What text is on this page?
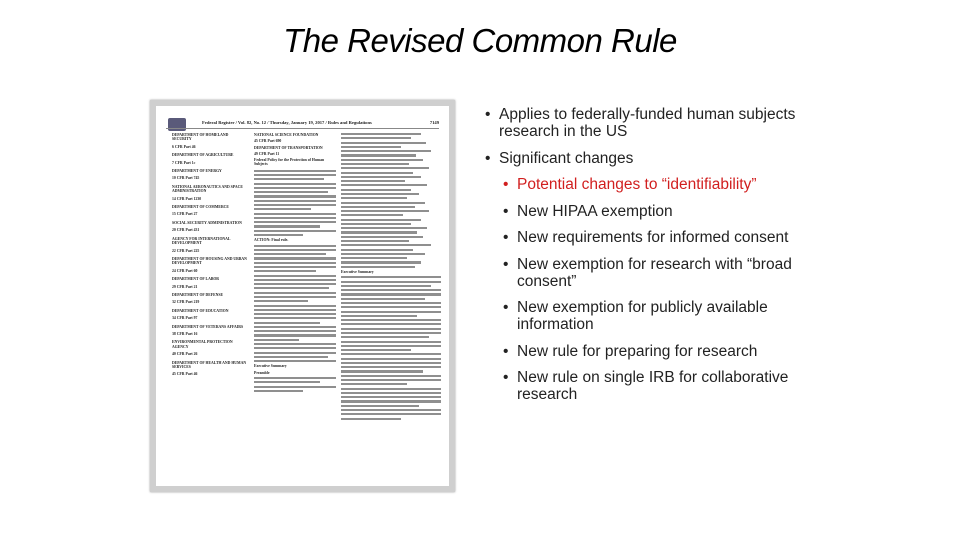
The Revised Common Rule
Federal Register / Vol. 82, No. 12 / Thursday, January 19, 2017 / Rules and Regulations	7149
DEPARTMENT OF HOMELAND SECURITY
6 CFR Part 46
DEPARTMENT OF AGRICULTURE
7 CFR Part 1c
DEPARTMENT OF ENERGY
10 CFR Part 745
NATIONAL AERONAUTICS AND SPACE ADMINISTRATION
14 CFR Part 1230
DEPARTMENT OF COMMERCE
15 CFR Part 27
SOCIAL SECURITY ADMINISTRATION
20 CFR Part 431
AGENCY FOR INTERNATIONAL DEVELOPMENT
22 CFR Part 225
DEPARTMENT OF HOUSING AND URBAN DEVELOPMENT
24 CFR Part 60
DEPARTMENT OF LABOR
29 CFR Part 21
DEPARTMENT OF DEFENSE
32 CFR Part 219
DEPARTMENT OF EDUCATION
34 CFR Part 97
DEPARTMENT OF VETERANS AFFAIRS
38 CFR Part 16
ENVIRONMENTAL PROTECTION AGENCY
40 CFR Part 26
DEPARTMENT OF HEALTH AND HUMAN SERVICES
45 CFR Part 46
NATIONAL SCIENCE FOUNDATION
45 CFR Part 690
DEPARTMENT OF TRANSPORTATION
49 CFR Part 11
Federal Policy for the Protection of Human Subjects
ACTION: Final rule.
Executive Summary
Preamble
Executive Summary
• Applies to federally-funded human subjects research in the US
• Significant changes
• Potential changes to “identifiability”
• New HIPAA exemption
• New requirements for informed consent
• New exemption for research with “broad consent”
• New exemption for publicly available information
• New rule for preparing for research
• New rule on single IRB for collaborative research
